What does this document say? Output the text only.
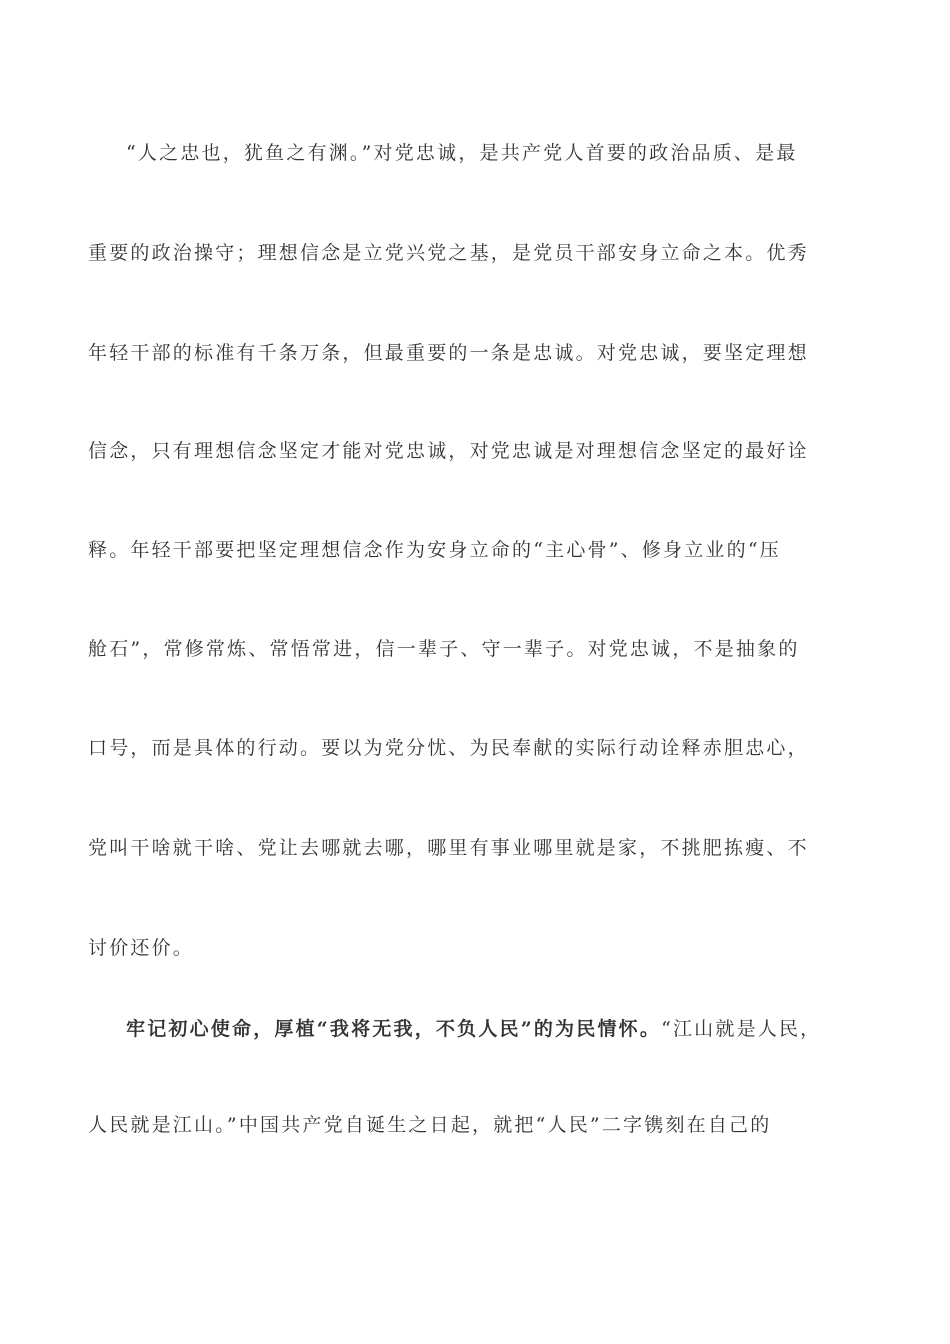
“人之忠也，犹鱼之有渊。”对党忠诚，是共产党人首要的政治品质、是最
重要的政治操守；理想信念是立党兴党之基，是党员干部安身立命之本。优秀
年轻干部的标准有千条万条，但最重要的一条是忠诚。对党忠诚，要坚定理想
信念，只有理想信念坚定才能对党忠诚，对党忠诚是对理想信念坚定的最好诠
释。年轻干部要把坚定理想信念作为安身立命的“主心骨”、修身立业的“压
舱石”，常修常炼、常悟常进，信一辈子、守一辈子。对党忠诚，不是抽象的
口号，而是具体的行动。要以为党分忧、为民奉献的实际行动诠释赤胆忠心，
党叫干啥就干啥、党让去哪就去哪，哪里有事业哪里就是家，不挑肥拣瘦、不
讨价还价。
牢记初心使命，厚植“我将无我，不负人民”的为民情怀。“江山就是人民，
人民就是江山。”中国共产党自诞生之日起，就把“人民”二字镌刻在自己的
